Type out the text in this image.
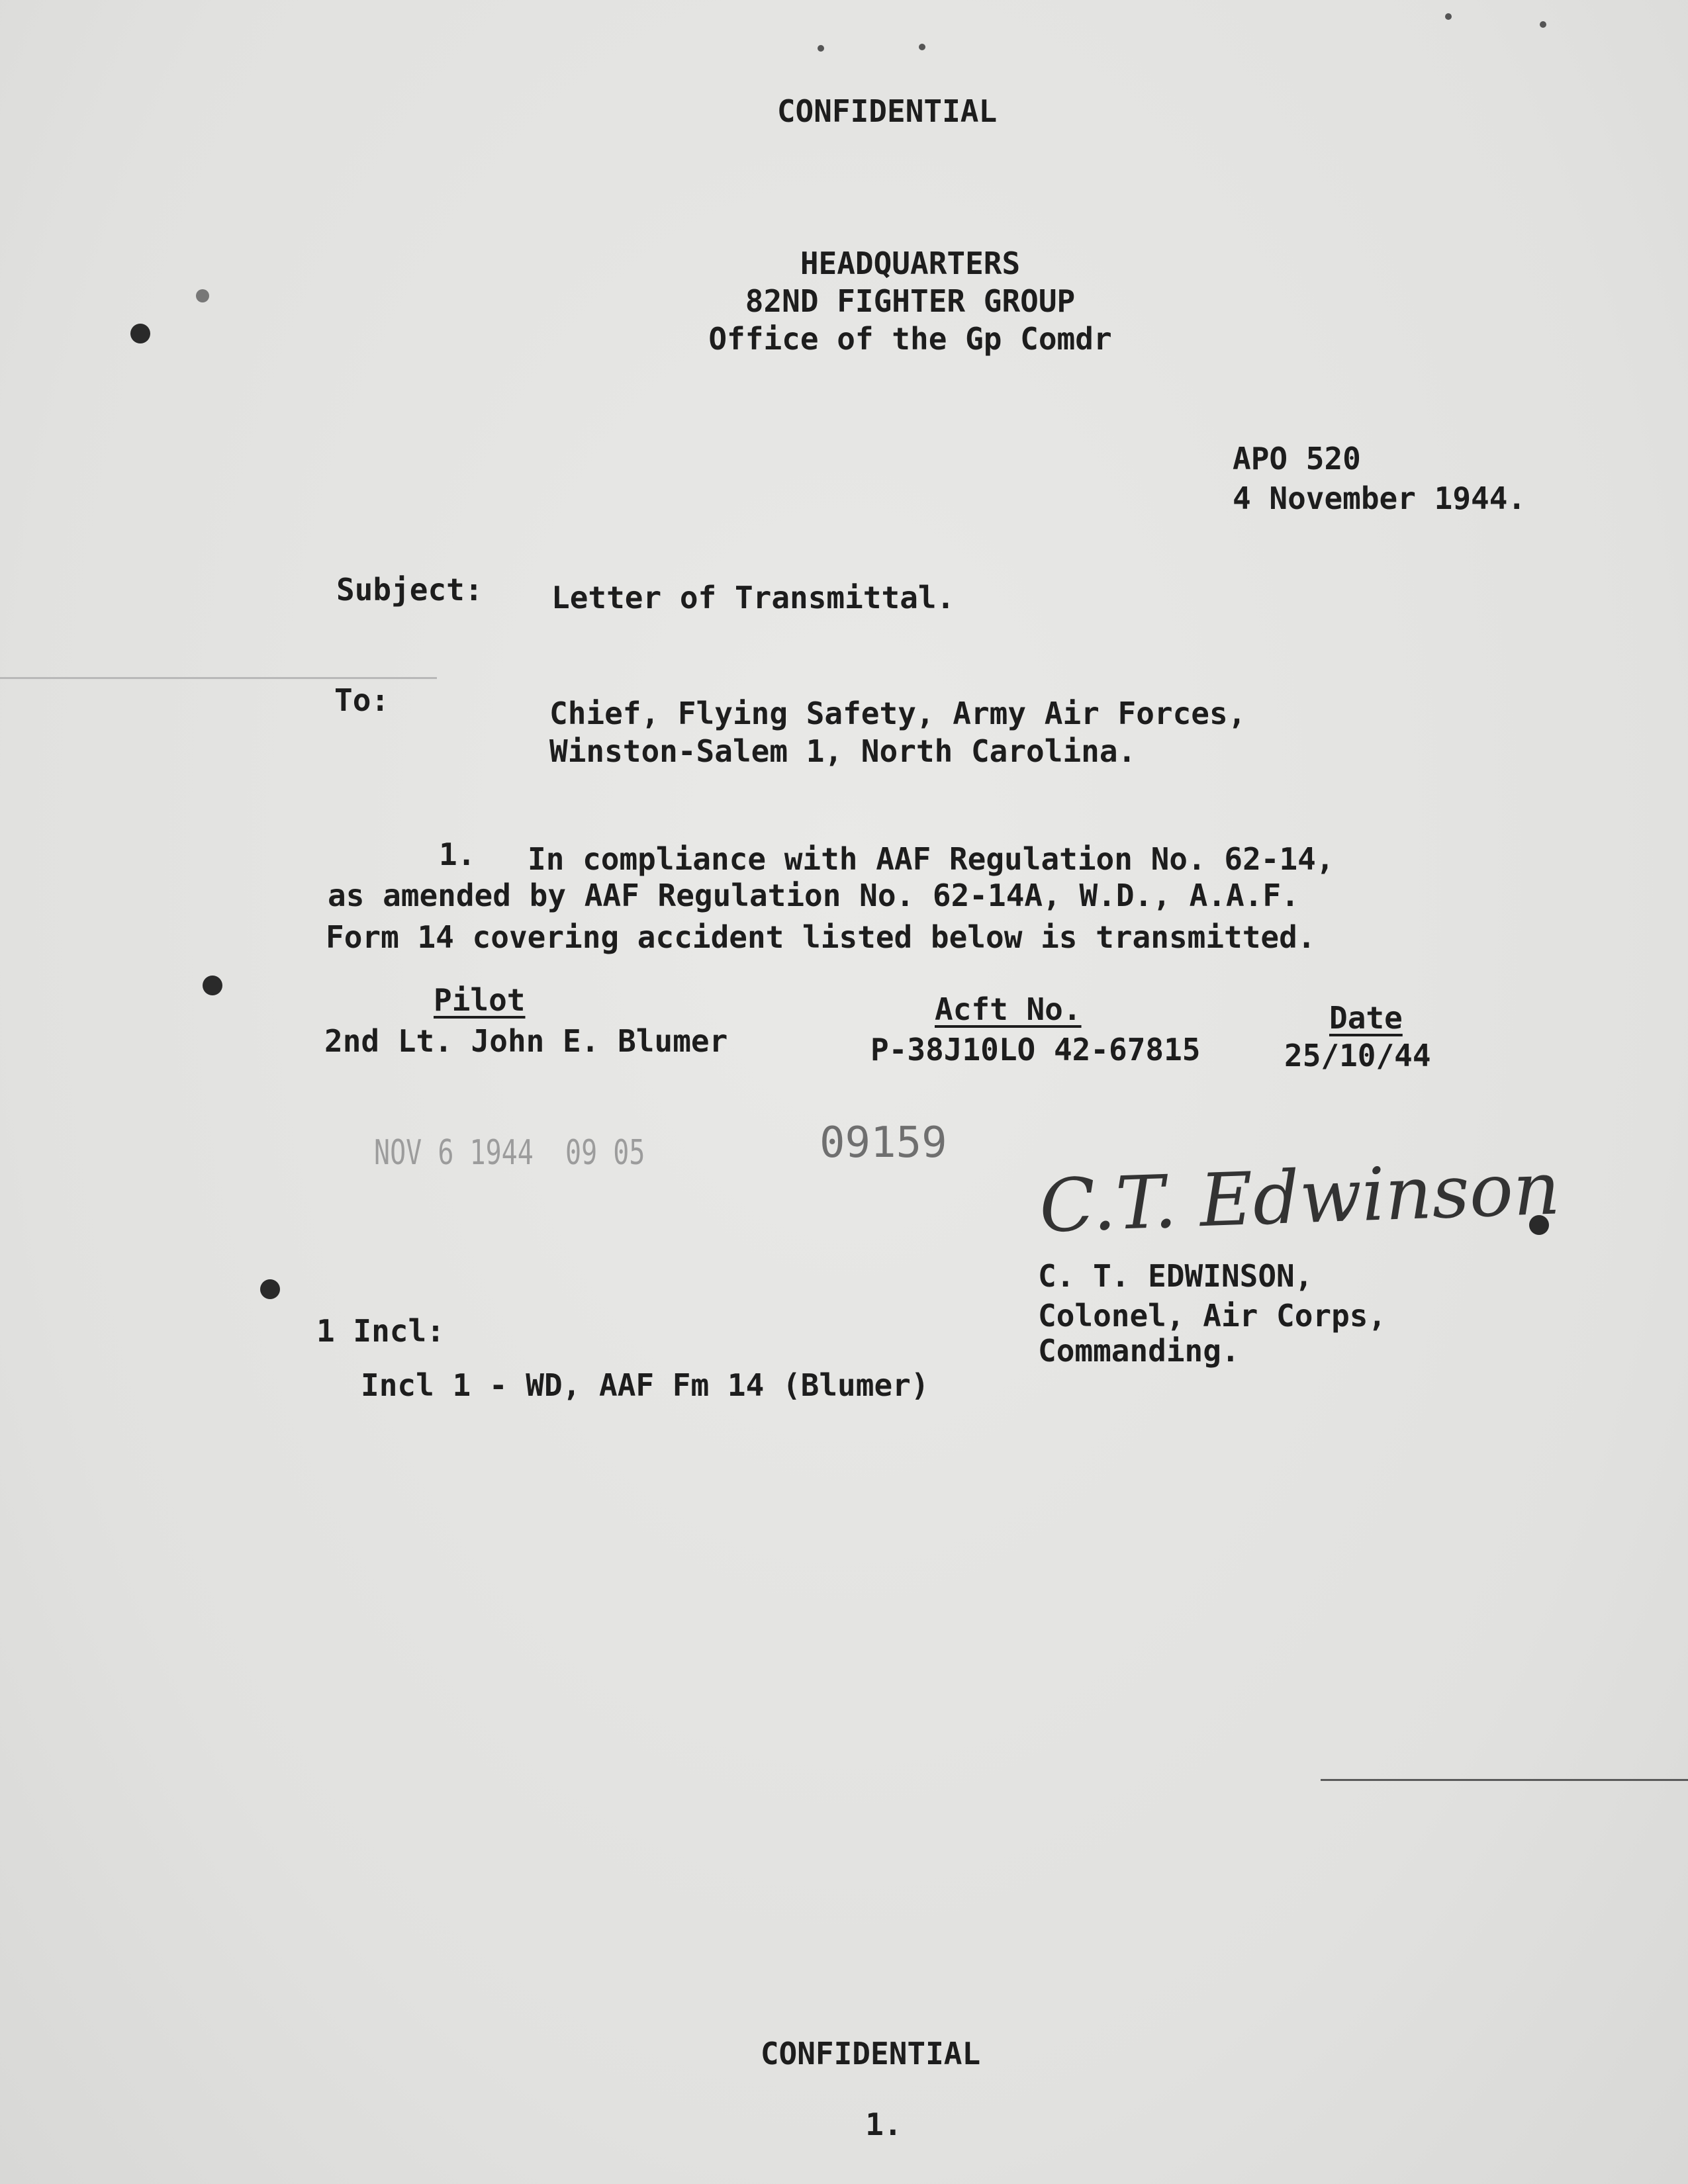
CONFIDENTIAL
HEADQUARTERS
82ND FIGHTER GROUP
Office of the Gp Comdr
APO 520
4 November 1944.
Subject: Letter of Transmittal.
To:	Chief, Flying Safety, Army Air Forces,
Winston-Salem 1, North Carolina.
1. In compliance with AAF Regulation No. 62-14,
as amended by AAF Regulation No. 62-14A, W.D., A.A.F.
Form 14 covering accident listed below is transmitted.
Pilot	Acft No.	Date
2nd Lt. John E. Blumer	P-38J10LO 42-67815	25/10/44
NOV 6 1944  09 05	09159
C.T. Edwinson
C. T. EDWINSON,
Colonel, Air Corps,
Commanding.
1 Incl:
Incl 1 - WD, AAF Fm 14 (Blumer)
CONFIDENTIAL
1.
